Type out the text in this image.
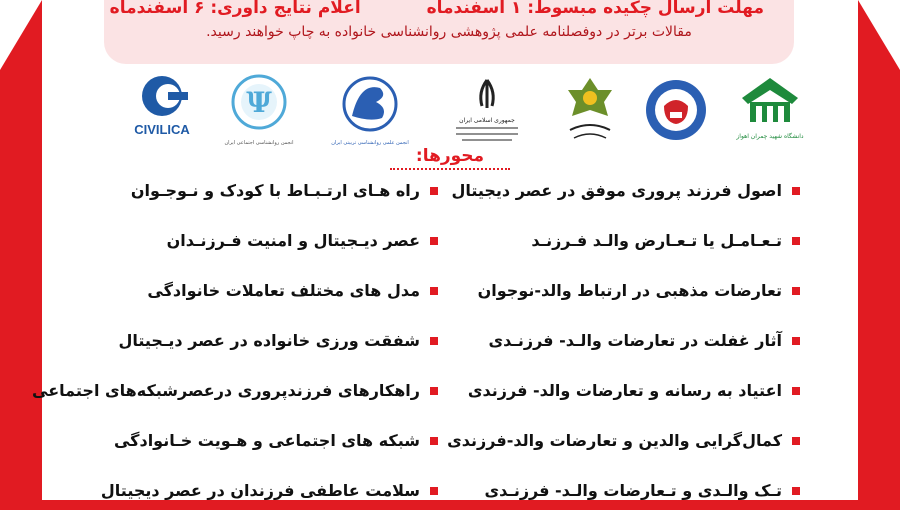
مهلت ارسال چکیده مبسوط: ۱ اسفندماه اعلام نتایج داوری: ۶ اسفندماه
مقالات برتر در دوفصلنامه علمی پژوهشی روانشناسی خانواده به چاپ خواهند رسید.
CIVILICA
Ψ
انجمن روانشناسی اجتماعی ایران	انجمن علمی روانشناسی تربیتی ایران
جمهوری اسلامی ایران
دانشگاه شهید چمران اهواز
محورها:
اصول فرزند پروری موفق در عصر دیجیتال
تـعـامـل یا تـعـارض والـد فـرزنـد
تعارضات مذهبی در ارتباط والد-نوجوان
آثار غفلت در تعارضات والـد- فرزنـدی
اعتیاد به رسانه و تعارضات والد- فرزندی
کمال‌گرایی والدین و تعارضات والد-فرزندی
تـک والـدی و تـعارضات والـد- فرزنـدی
راه هـای ارتـبـاط با کودک و نـوجـوان
عصر دیـجیتال و امنیت فـرزنـدان
مدل های مختلف تعاملات خانوادگی
شفقت ورزی خانواده در عصر دیـجیتال
راهکارهای فرزندپروری درعصرشبکه‌های اجتماعی
شبکه های اجتماعی و هـویت خـانوادگی
سلامت عاطفی فرزندان در عصر دیجیتال
